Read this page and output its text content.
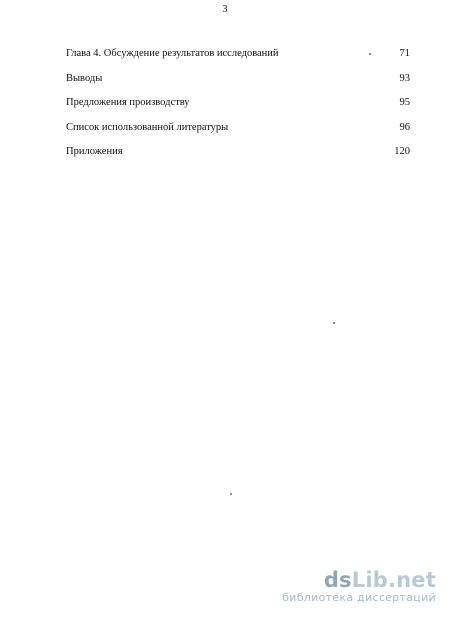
3
Глава 4. Обсуждение результатов исследований	71
Выводы	93
Предложения производству	95
Список использованной литературы	96
Приложения	120
dsLib.net
библиотека диссертаций
